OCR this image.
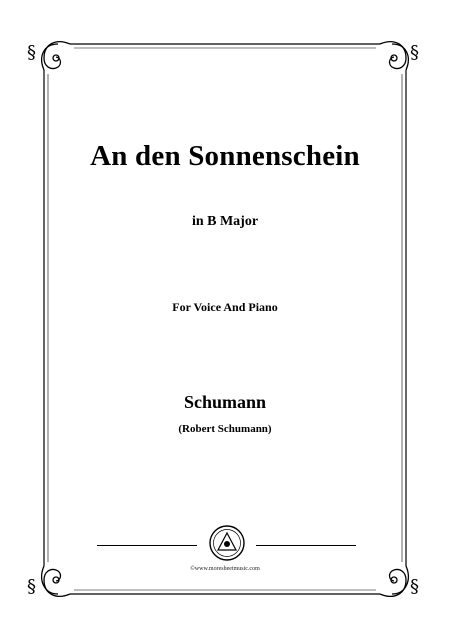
§	§
§	§
An den Sonnenschein
in B Major
For Voice And Piano
Schumann
(Robert Schumann)
©www.moresheetmusic.com
